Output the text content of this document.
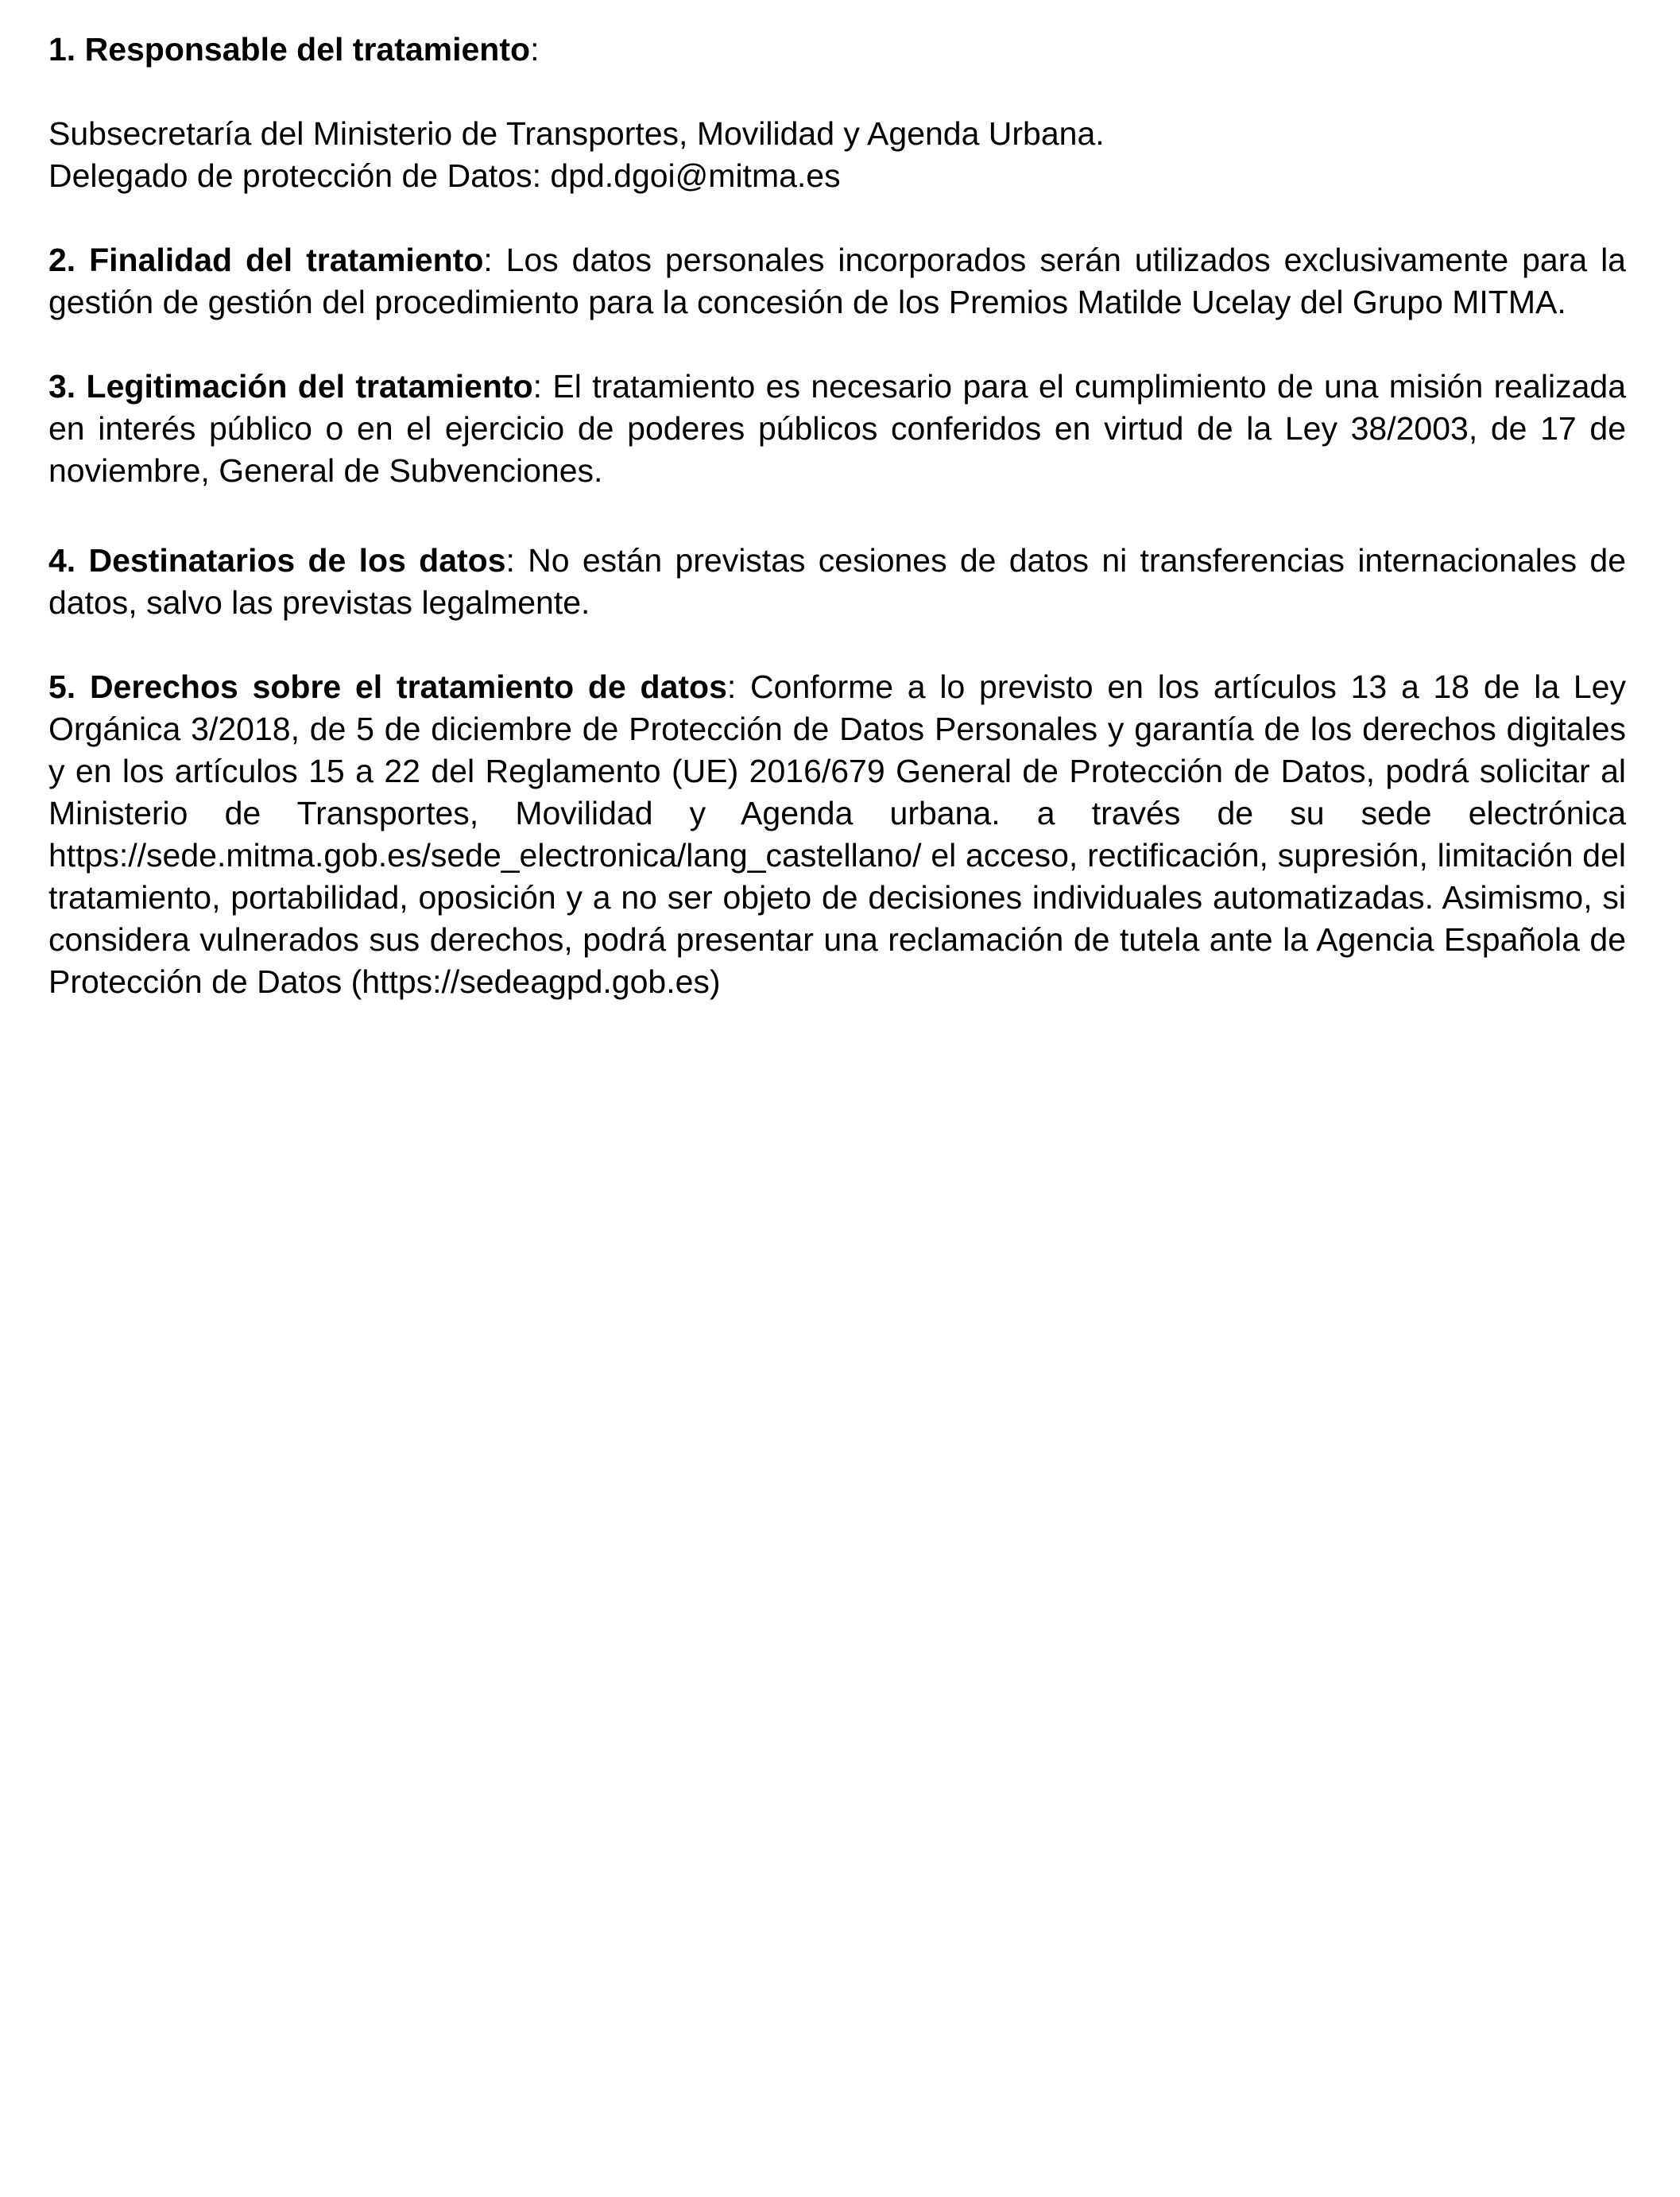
1. Responsable del tratamiento:

Subsecretaría del Ministerio de Transportes, Movilidad y Agenda Urbana.

Delegado de protección de Datos: dpd.dgoi@mitma.es

2. Finalidad del tratamiento: Los datos personales incorporados serán utilizados exclusivamente para la gestión de gestión del procedimiento para la concesión de los Premios Matilde Ucelay del Grupo MITMA.

3. Legitimación del tratamiento: El tratamiento es necesario para el cumplimiento de una misión realizada en interés público o en el ejercicio de poderes públicos conferidos en virtud de la Ley 38/2003, de 17 de noviembre, General de Subvenciones.

4. Destinatarios de los datos: No están previstas cesiones de datos ni transferencias internacionales de datos, salvo las previstas legalmente.

5. Derechos sobre el tratamiento de datos: Conforme a lo previsto en los artículos 13 a 18 de la Ley Orgánica 3/2018, de 5 de diciembre de Protección de Datos Personales y garantía de los derechos digitales y en los artículos 15 a 22 del Reglamento (UE) 2016/679 General de Protección de Datos, podrá solicitar al Ministerio de Transportes, Movilidad y Agenda urbana. a través de su sede electrónica https://sede.mitma.gob.es/sede_electronica/lang_castellano/ el acceso, rectificación, supresión, limitación del tratamiento, portabilidad, oposición y a no ser objeto de decisiones individuales automatizadas. Asimismo, si considera vulnerados sus derechos, podrá presentar una reclamación de tutela ante la Agencia Española de Protección de Datos (https://sedeagpd.gob.es)
